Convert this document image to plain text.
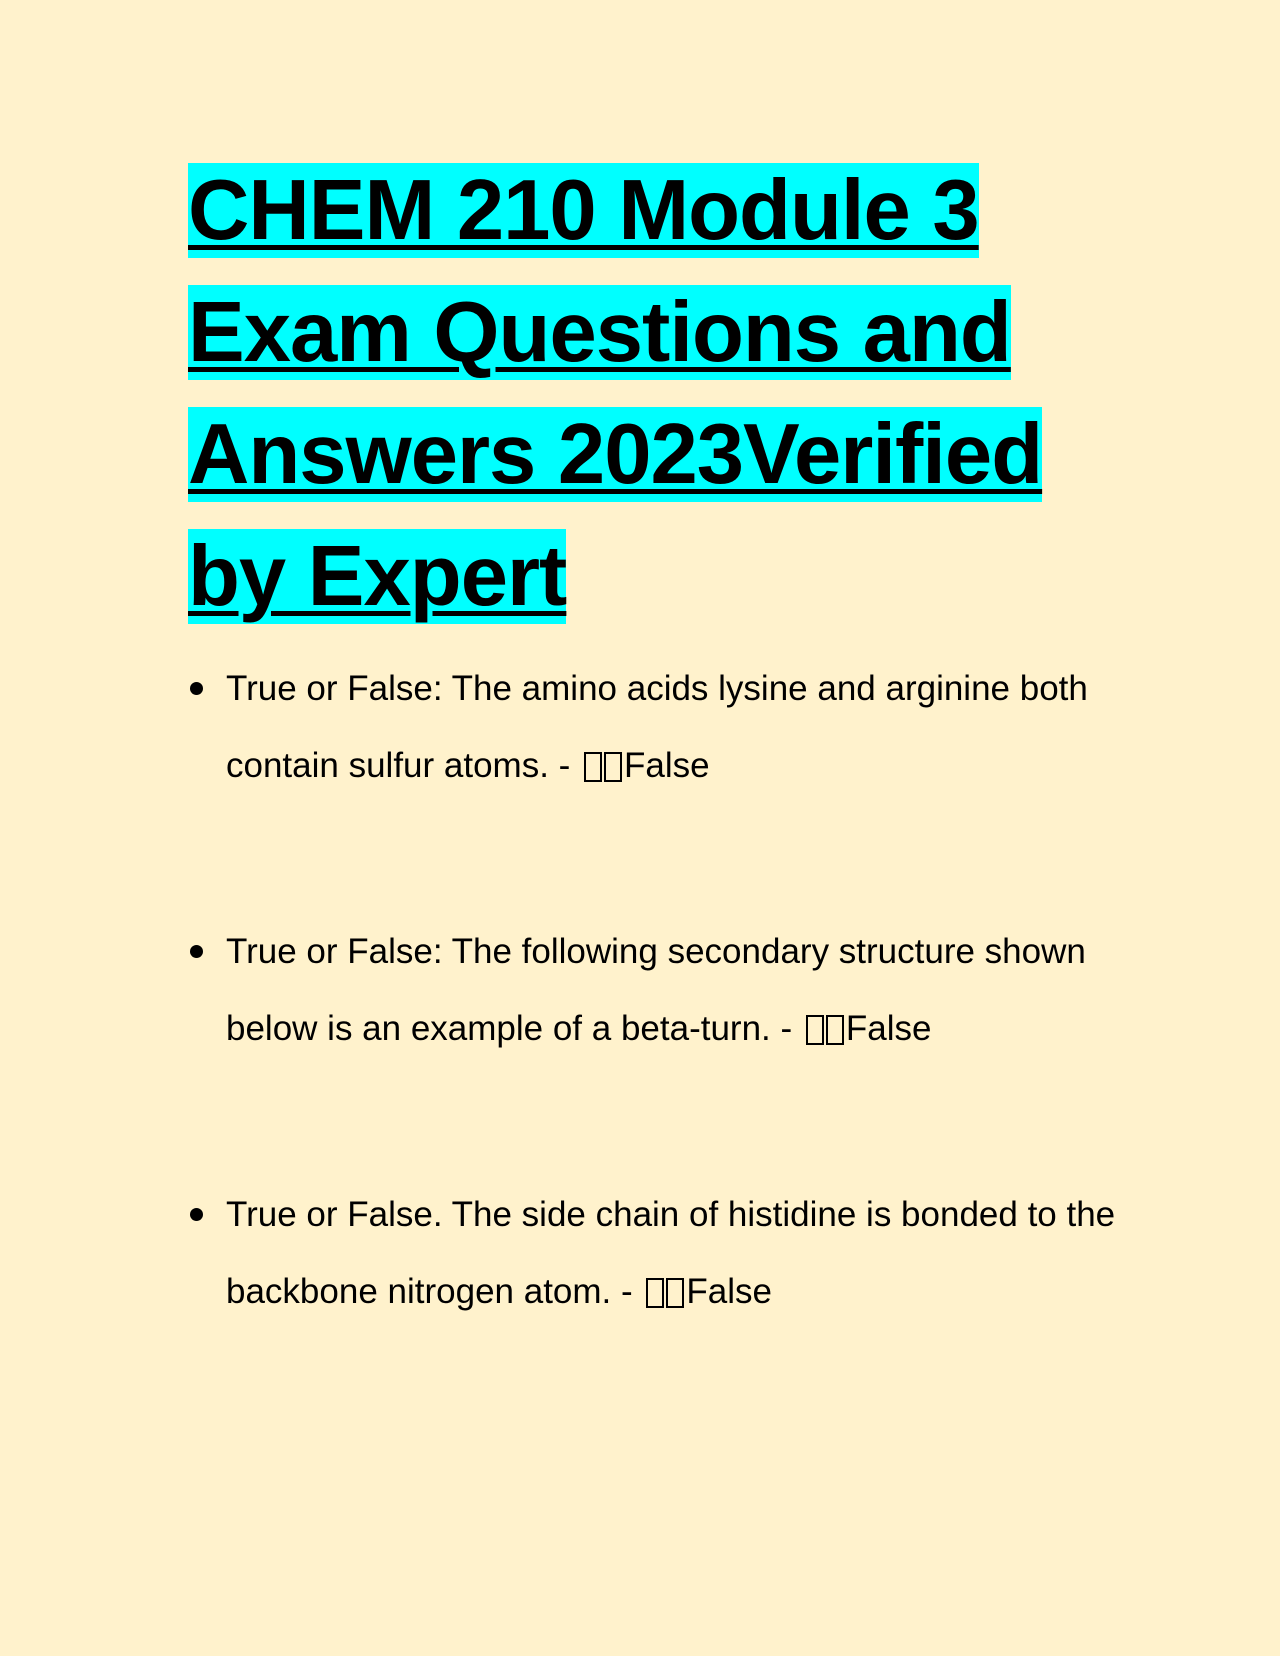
CHEM 210 Module 3
Exam Questions and
Answers 2023Verified
by Expert
True or False: The amino acids lysine and arginine both contain sulfur atoms. - False
True or False: The following secondary structure shown below is an example of a beta-turn. - False
True or False. The side chain of histidine is bonded to the backbone nitrogen atom. - False
